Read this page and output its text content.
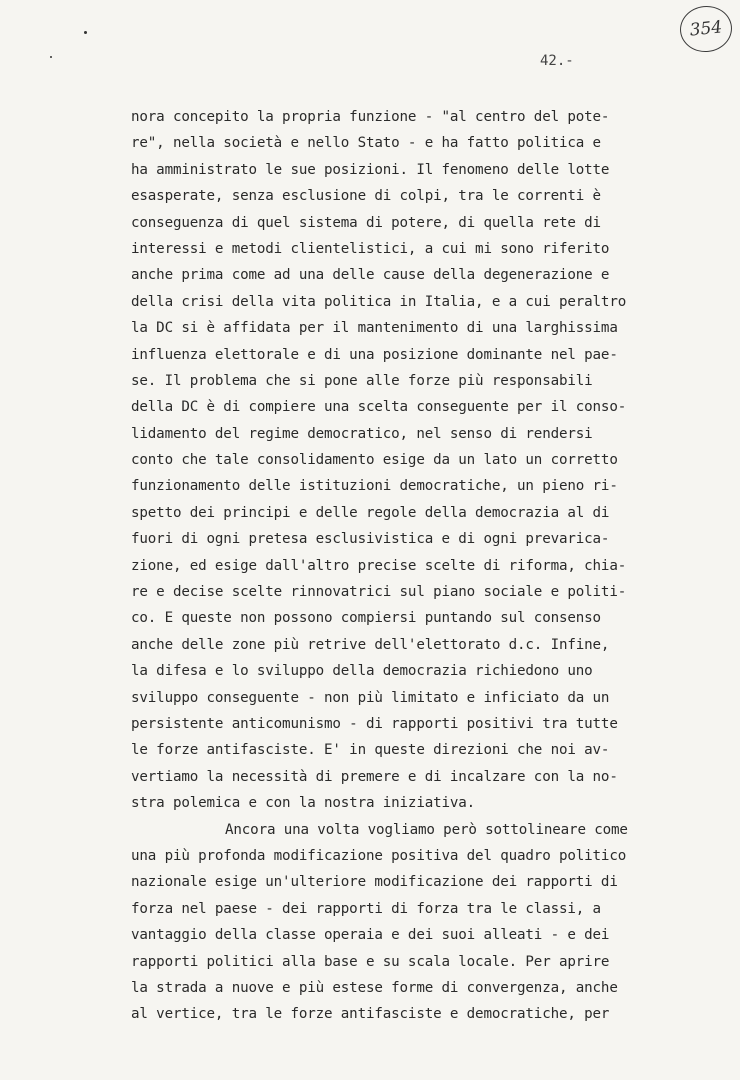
354
42.-
nora concepito la propria funzione - "al centro del pote-
re", nella società e nello Stato - e ha fatto politica e
ha amministrato le sue posizioni. Il fenomeno delle lotte
esasperate, senza esclusione di colpi, tra le correnti è
conseguenza di quel sistema di potere, di quella rete di
interessi e metodi clientelistici, a cui mi sono riferito
anche prima come ad una delle cause della degenerazione e
della crisi della vita politica in Italia, e a cui peraltro
la DC si è affidata per il mantenimento di una larghissima
influenza elettorale e di una posizione dominante nel pae-
se. Il problema che si pone alle forze più responsabili
della DC è di compiere una scelta conseguente per il conso-
lidamento del regime democratico, nel senso di rendersi
conto che tale consolidamento esige da un lato un corretto
funzionamento delle istituzioni democratiche, un pieno ri-
spetto dei principi e delle regole della democrazia al di
fuori di ogni pretesa esclusivistica e di ogni prevarica-
zione, ed esige dall'altro precise scelte di riforma, chia-
re e decise scelte rinnovatrici sul piano sociale e politi-
co. E queste non possono compiersi puntando sul consenso
anche delle zone più retrive dell'elettorato d.c. Infine,
la difesa e lo sviluppo della democrazia richiedono uno
sviluppo conseguente - non più limitato e inficiato da un
persistente anticomunismo - di rapporti positivi tra tutte
le forze antifasciste. E' in queste direzioni che noi av-
vertiamo la necessità di premere e di incalzare con la no-
stra polemica e con la nostra iniziativa.
Ancora una volta vogliamo però sottolineare come
una più profonda modificazione positiva del quadro politico
nazionale esige un'ulteriore modificazione dei rapporti di
forza nel paese - dei rapporti di forza tra le classi, a
vantaggio della classe operaia e dei suoi alleati - e dei
rapporti politici alla base e su scala locale. Per aprire
la strada a nuove e più estese forme di convergenza, anche
al vertice, tra le forze antifasciste e democratiche, per
